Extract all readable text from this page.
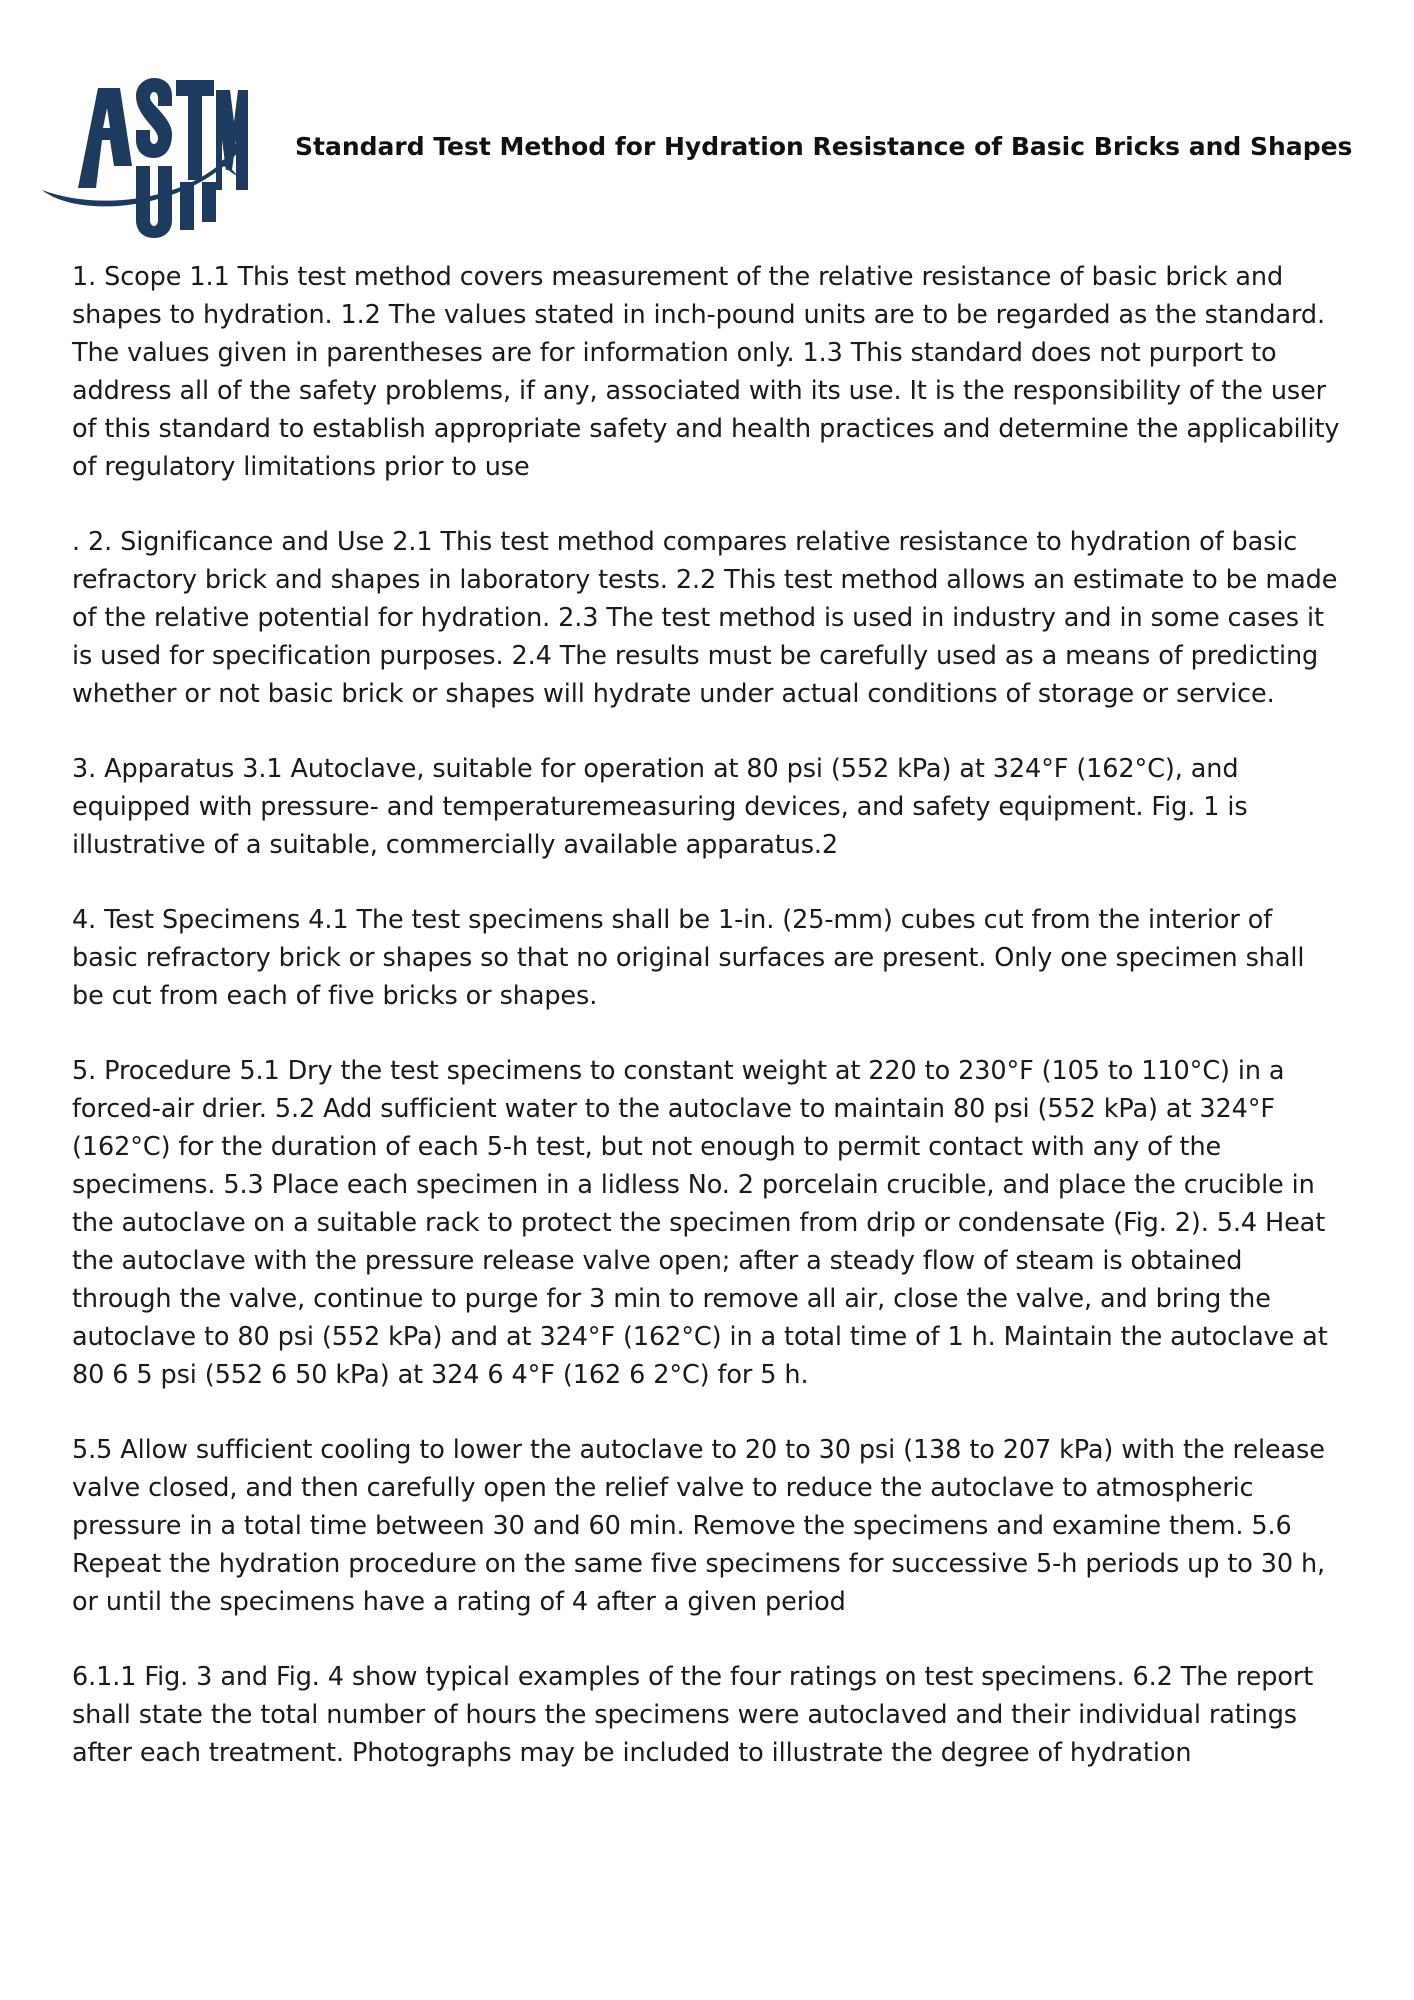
Standard Test Method for Hydration Resistance of Basic Bricks and Shapes

1. Scope 1.1 This test method covers measurement of the relative resistance of basic brick and shapes to hydration. 1.2 The values stated in inch-pound units are to be regarded as the standard. The values given in parentheses are for information only. 1.3 This standard does not purport to address all of the safety problems, if any, associated with its use. It is the responsibility of the user of this standard to establish appropriate safety and health practices and determine the applicability of regulatory limitations prior to use

. 2. Significance and Use 2.1 This test method compares relative resistance to hydration of basic refractory brick and shapes in laboratory tests. 2.2 This test method allows an estimate to be made of the relative potential for hydration. 2.3 The test method is used in industry and in some cases it is used for specification purposes. 2.4 The results must be carefully used as a means of predicting whether or not basic brick or shapes will hydrate under actual conditions of storage or service.

3. Apparatus 3.1 Autoclave, suitable for operation at 80 psi (552 kPa) at 324°F (162°C), and equipped with pressure- and temperaturemeasuring devices, and safety equipment. Fig. 1 is illustrative of a suitable, commercially available apparatus.2

4. Test Specimens 4.1 The test specimens shall be 1-in. (25-mm) cubes cut from the interior of basic refractory brick or shapes so that no original surfaces are present. Only one specimen shall be cut from each of five bricks or shapes.

5. Procedure 5.1 Dry the test specimens to constant weight at 220 to 230°F (105 to 110°C) in a forced-air drier. 5.2 Add sufficient water to the autoclave to maintain 80 psi (552 kPa) at 324°F (162°C) for the duration of each 5-h test, but not enough to permit contact with any of the specimens. 5.3 Place each specimen in a lidless No. 2 porcelain crucible, and place the crucible in the autoclave on a suitable rack to protect the specimen from drip or condensate (Fig. 2). 5.4 Heat the autoclave with the pressure release valve open; after a steady flow of steam is obtained through the valve, continue to purge for 3 min to remove all air, close the valve, and bring the autoclave to 80 psi (552 kPa) and at 324°F (162°C) in a total time of 1 h. Maintain the autoclave at 80 6 5 psi (552 6 50 kPa) at 324 6 4°F (162 6 2°C) for 5 h.

5.5 Allow sufficient cooling to lower the autoclave to 20 to 30 psi (138 to 207 kPa) with the release valve closed, and then carefully open the relief valve to reduce the autoclave to atmospheric pressure in a total time between 30 and 60 min. Remove the specimens and examine them. 5.6 Repeat the hydration procedure on the same five specimens for successive 5-h periods up to 30 h, or until the specimens have a rating of 4 after a given period

6.1.1 Fig. 3 and Fig. 4 show typical examples of the four ratings on test specimens. 6.2 The report shall state the total number of hours the specimens were autoclaved and their individual ratings after each treatment. Photographs may be included to illustrate the degree of hydration
